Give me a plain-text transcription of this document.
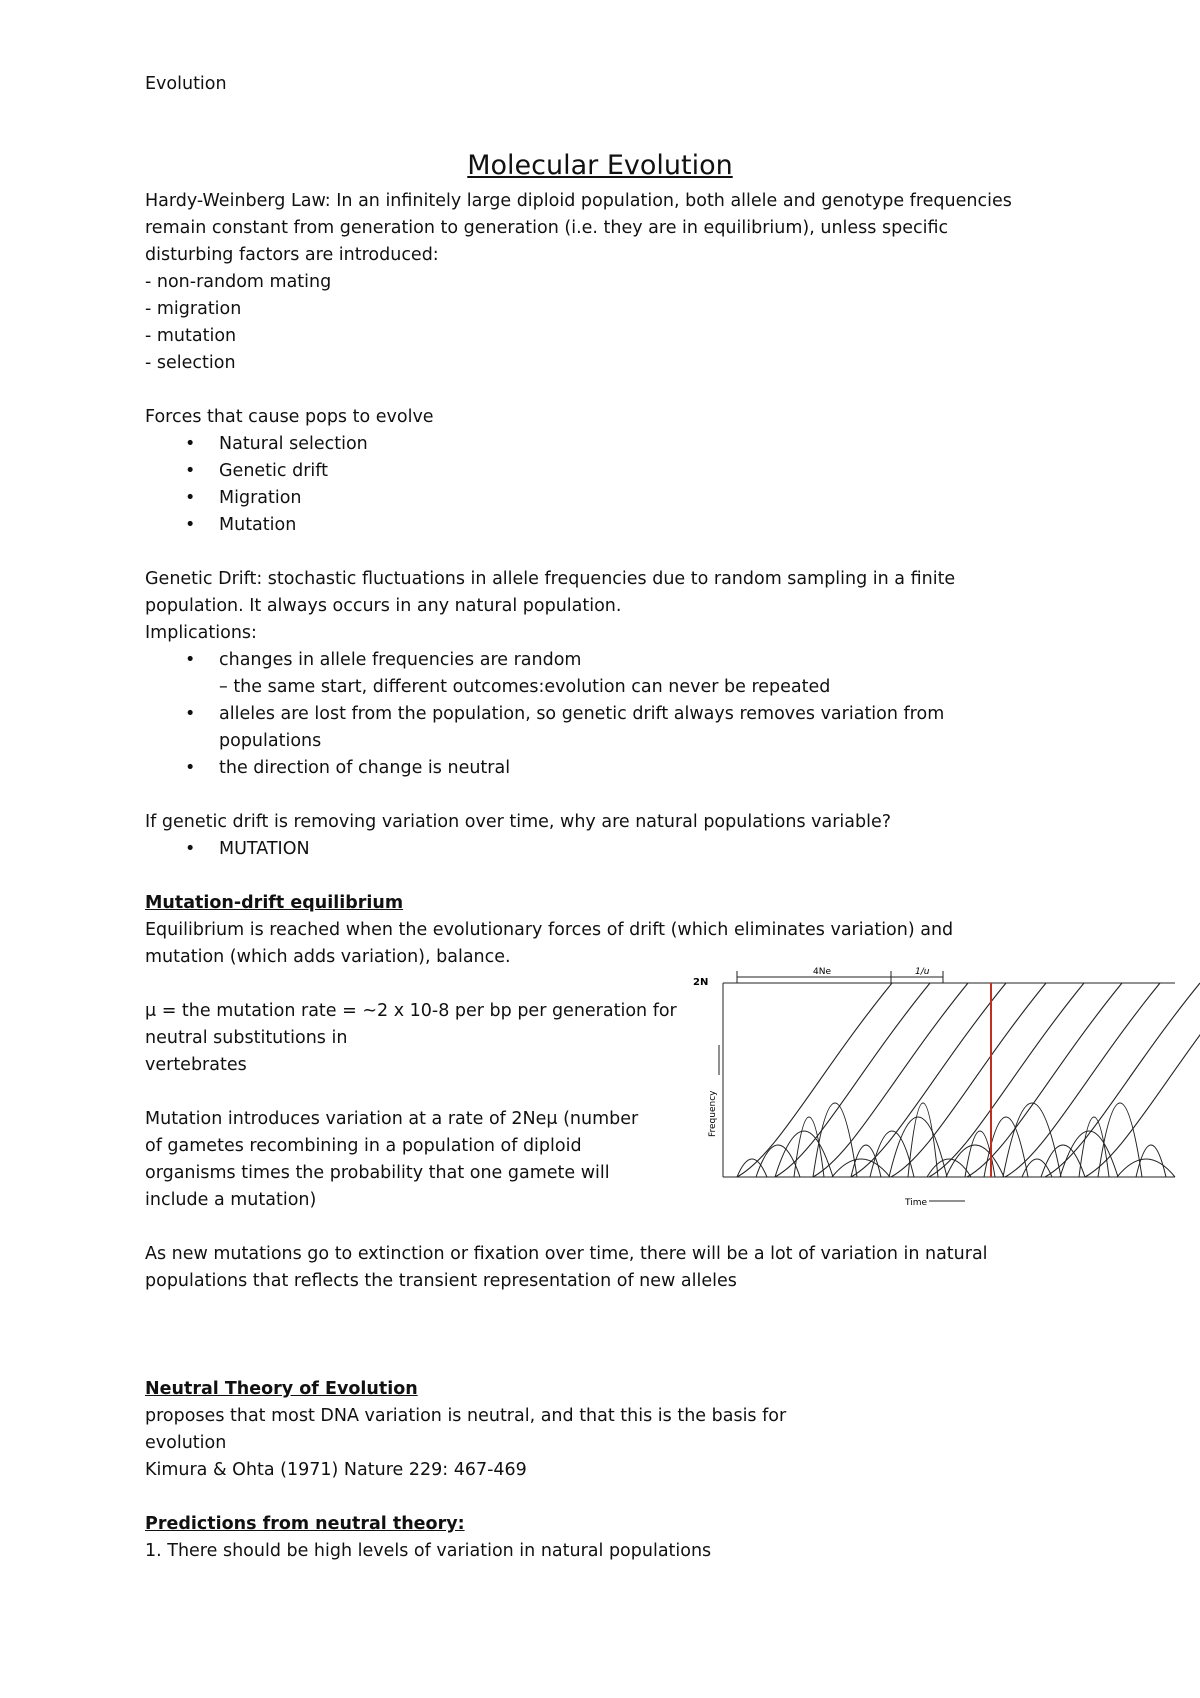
Evolution
Molecular Evolution
Hardy-Weinberg Law: In an infinitely large diploid population, both allele and genotype frequencies
remain constant from generation to generation (i.e. they are in equilibrium), unless specific
disturbing factors are introduced:
- non-random mating
- migration
- mutation
- selection
Forces that cause pops to evolve
• Natural selection
• Genetic drift
• Migration
• Mutation
Genetic Drift: stochastic fluctuations in allele frequencies due to random sampling in a finite
population. It always occurs in any natural population.
Implications:
• changes in allele frequencies are random
– the same start, different outcomes:evolution can never be repeated
• alleles are lost from the population, so genetic drift always removes variation from
populations
• the direction of change is neutral
If genetic drift is removing variation over time, why are natural populations variable?
• MUTATION
Mutation-drift equilibrium
Equilibrium is reached when the evolutionary forces of drift (which eliminates variation) and
mutation (which adds variation), balance.
μ = the mutation rate = ~2 x 10-8 per bp per generation for
neutral substitutions in
vertebrates
Mutation introduces variation at a rate of 2Neμ (number
of gametes recombining in a population of diploid
organisms times the probability that one gamete will
include a mutation)
As new mutations go to extinction or fixation over time, there will be a lot of variation in natural
populations that reflects the transient representation of new alleles
2N
4Ne	1/u
Frequency
Time
Neutral Theory of Evolution
proposes that most DNA variation is neutral, and that this is the basis for
evolution
Kimura & Ohta (1971) Nature 229: 467-469
Predictions from neutral theory:
1. There should be high levels of variation in natural populations
